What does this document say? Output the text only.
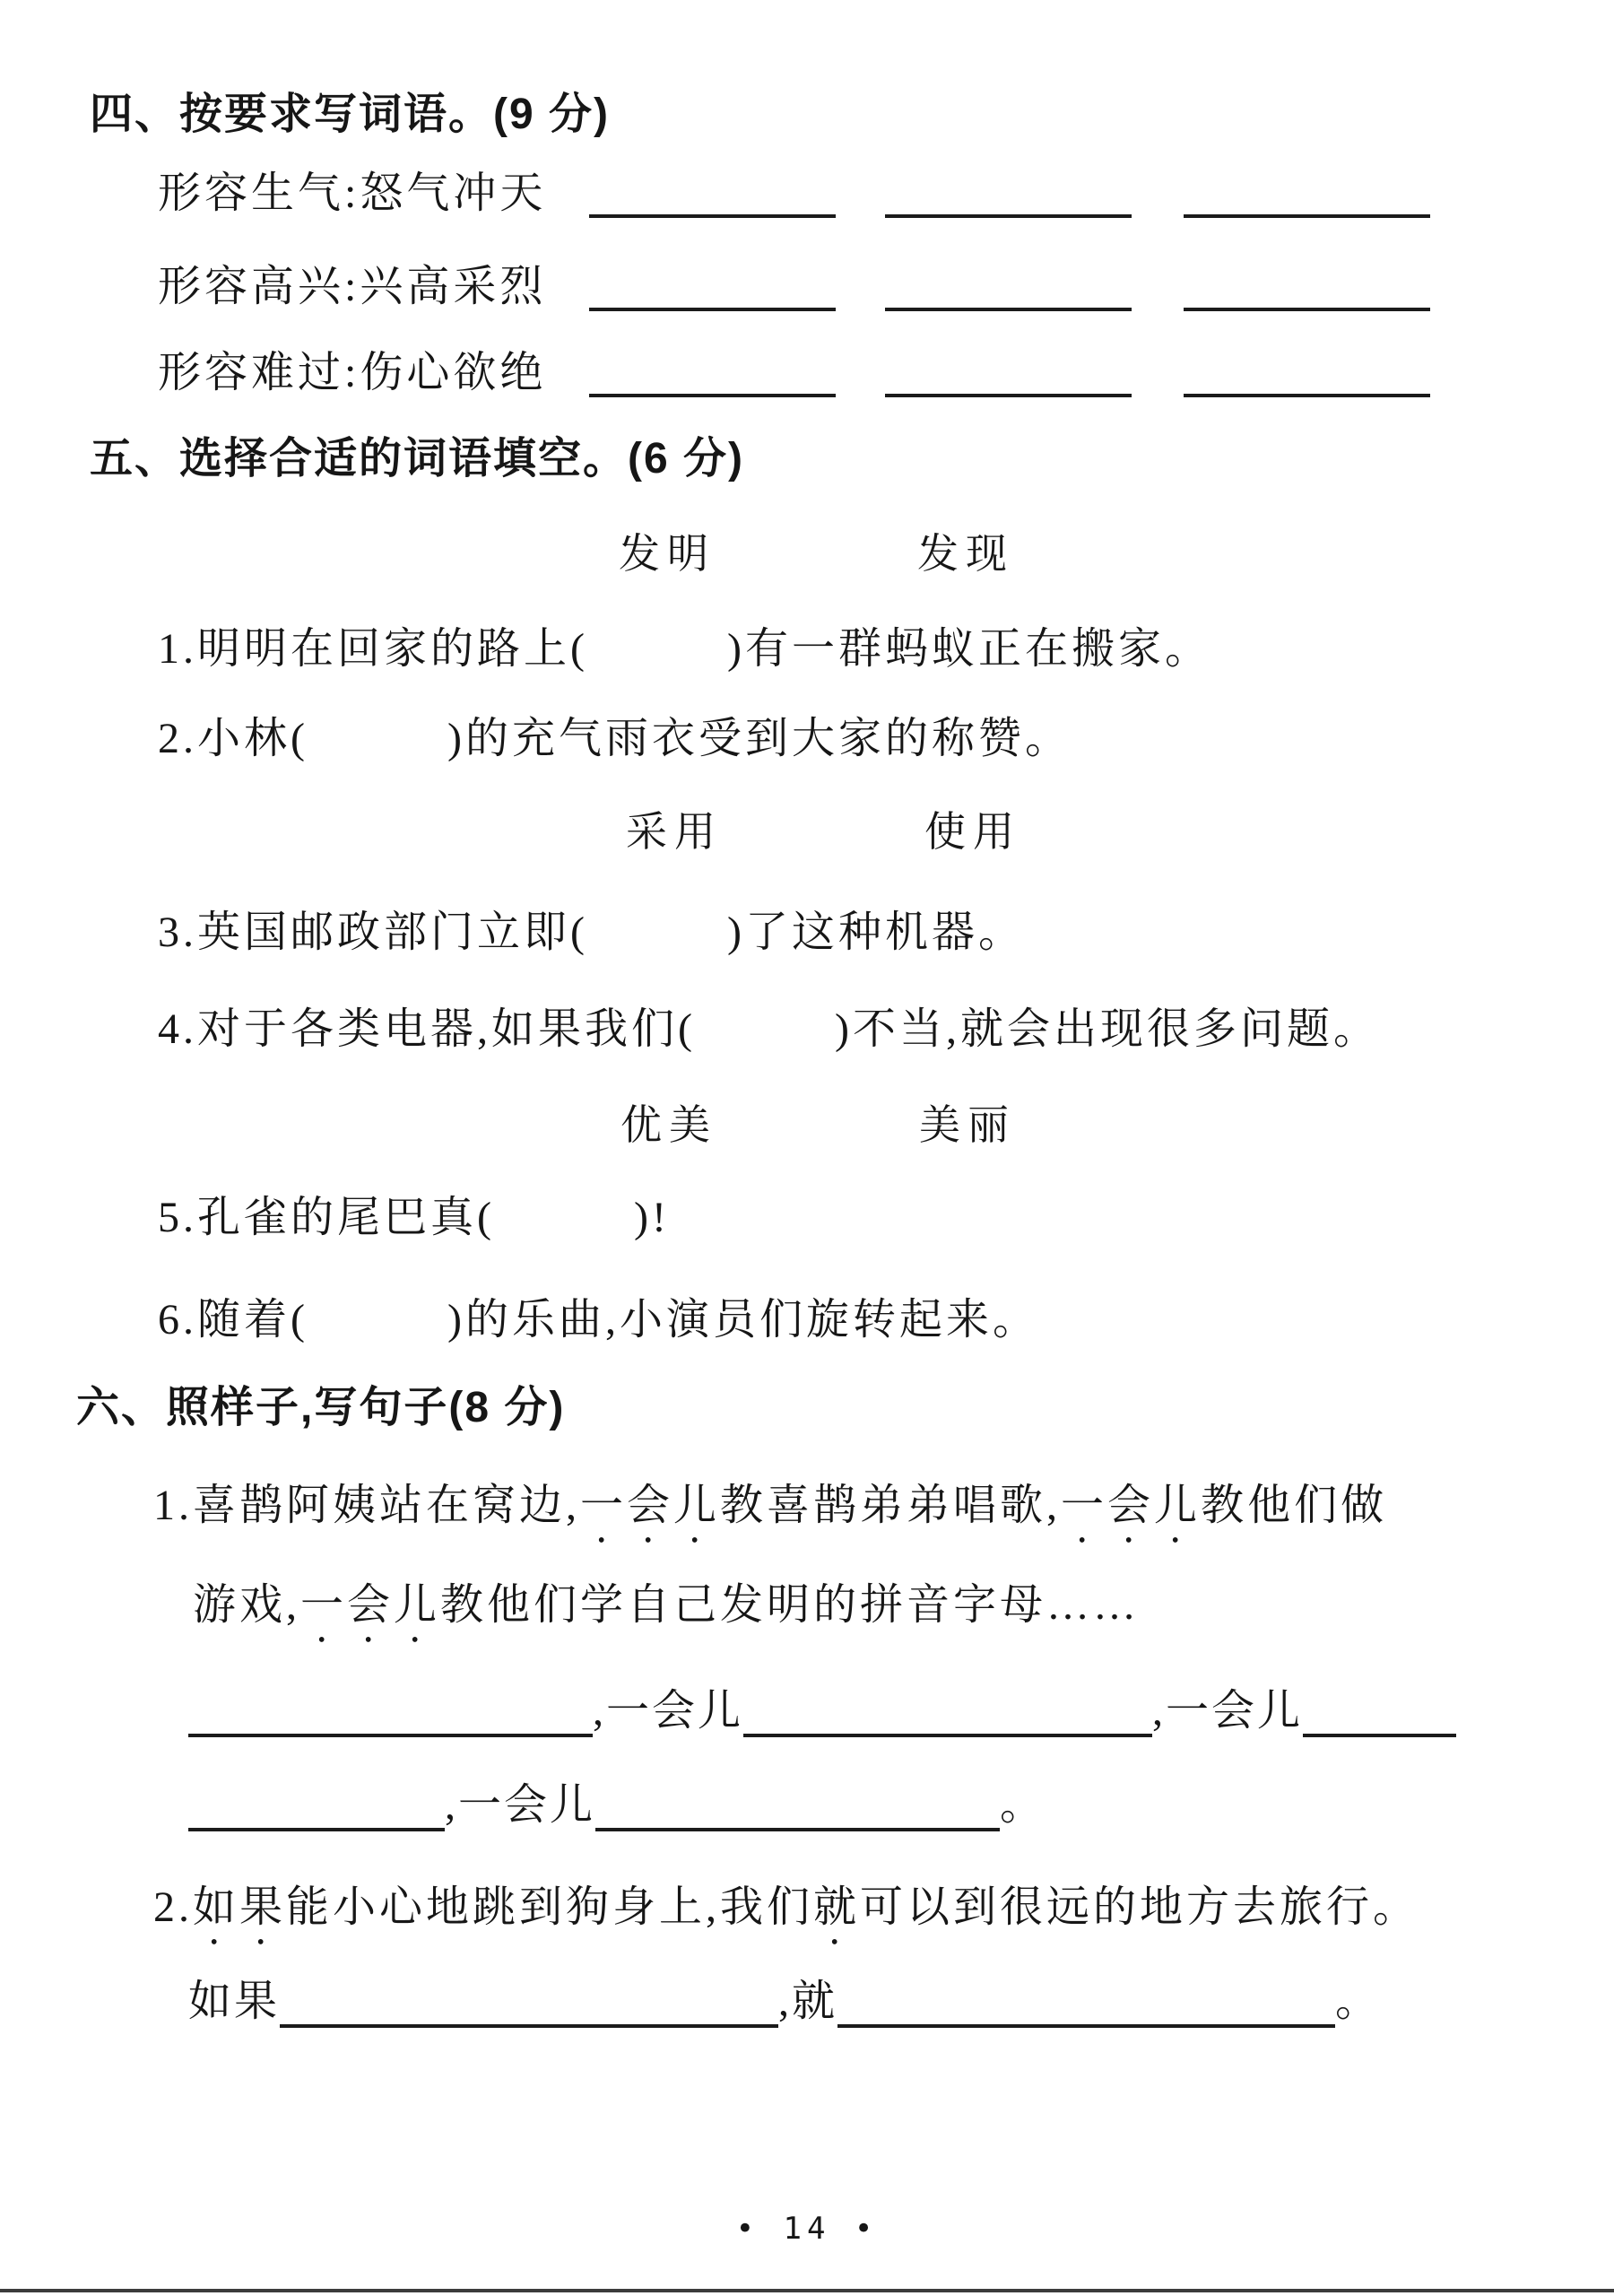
四、按要求写词语。(9 分)
形容生气:怒气冲天
形容高兴:兴高采烈
形容难过:伤心欲绝
五、选择合适的词语填空。(6 分)
发明	发现
1.明明在回家的路上(	)有一群蚂蚁正在搬家。
2.小林(	)的充气雨衣受到大家的称赞。
采用	使用
3.英国邮政部门立即(	)了这种机器。
4.对于各类电器,如果我们(	)不当,就会出现很多问题。
优美	美丽
5.孔雀的尾巴真(	)!
6.随着(	)的乐曲,小演员们旋转起来。
六、照样子,写句子(8 分)
1.喜鹊阿姨站在窝边,一会儿教喜鹊弟弟唱歌,一会儿教他们做
游戏,一会儿教他们学自己发明的拼音字母……
,一会儿	,一会儿
,一会儿	。
2.如果能小心地跳到狗身上,我们就可以到很远的地方去旅行。
如果	,就	。
• 14 •
